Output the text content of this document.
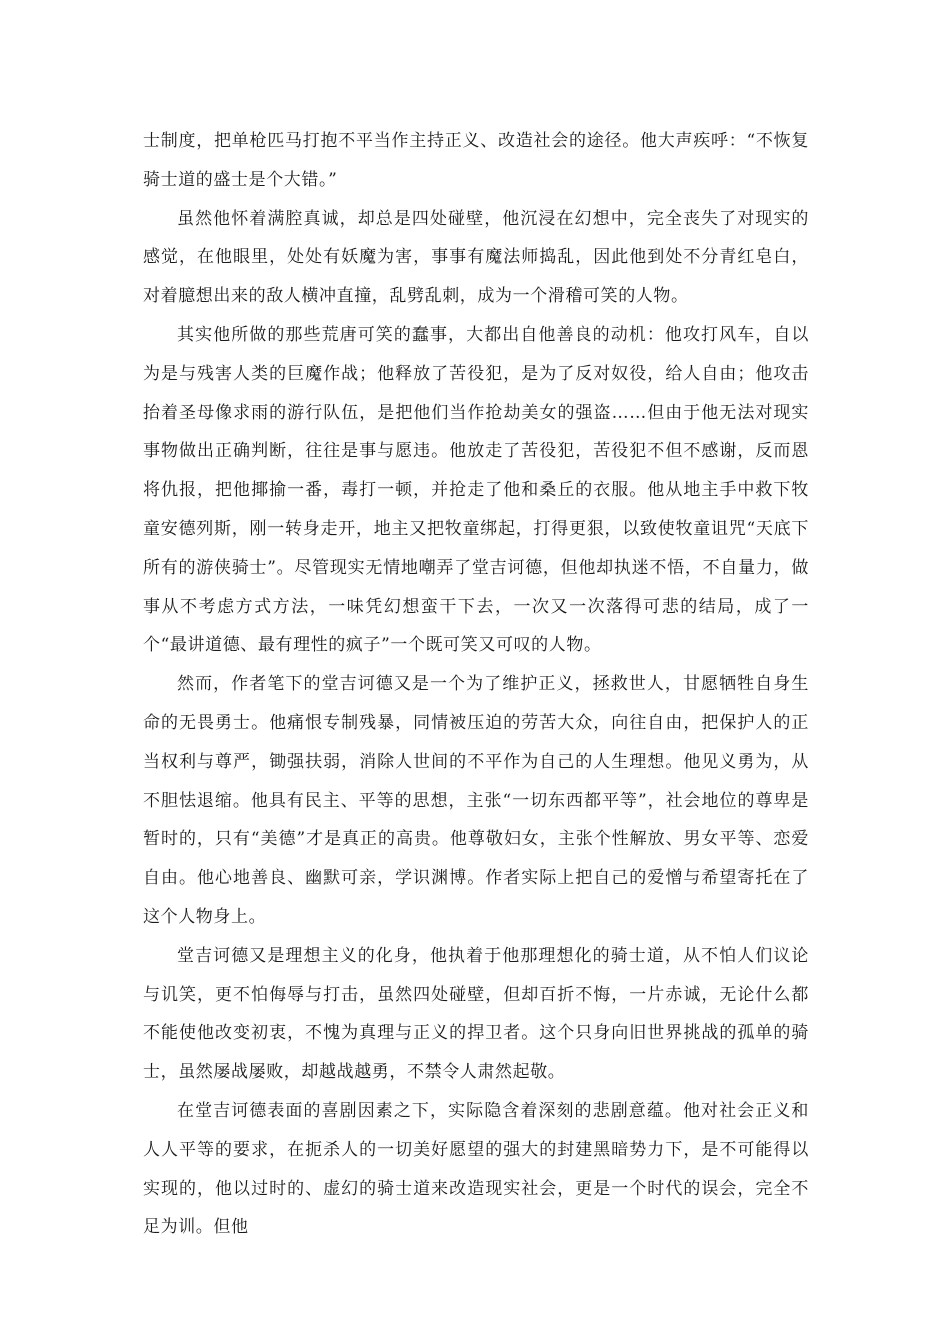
士制度，把单枪匹马打抱不平当作主持正义、改造社会的途径。他大声疾呼：“不恢复骑士道的盛士是个大错。”

虽然他怀着满腔真诚，却总是四处碰壁，他沉浸在幻想中，完全丧失了对现实的感觉，在他眼里，处处有妖魔为害，事事有魔法师捣乱，因此他到处不分青红皂白，对着臆想出来的敌人横冲直撞，乱劈乱刺，成为一个滑稽可笑的人物。

其实他所做的那些荒唐可笑的蠢事，大都出自他善良的动机：他攻打风车，自以为是与残害人类的巨魔作战；他释放了苦役犯，是为了反对奴役，给人自由；他攻击抬着圣母像求雨的游行队伍，是把他们当作抢劫美女的强盗……但由于他无法对现实事物做出正确判断，往往是事与愿违。他放走了苦役犯，苦役犯不但不感谢，反而恩将仇报，把他揶揄一番，毒打一顿，并抢走了他和桑丘的衣服。他从地主手中救下牧童安德列斯，刚一转身走开，地主又把牧童绑起，打得更狠，以致使牧童诅咒“天底下所有的游侠骑士”。尽管现实无情地嘲弄了堂吉诃德，但他却执迷不悟，不自量力，做事从不考虑方式方法，一味凭幻想蛮干下去，一次又一次落得可悲的结局，成了一个“最讲道德、最有理性的疯子”一个既可笑又可叹的人物。

然而，作者笔下的堂吉诃德又是一个为了维护正义，拯救世人，甘愿牺牲自身生命的无畏勇士。他痛恨专制残暴，同情被压迫的劳苦大众，向往自由，把保护人的正当权利与尊严，锄强扶弱，消除人世间的不平作为自己的人生理想。他见义勇为，从不胆怯退缩。他具有民主、平等的思想，主张“一切东西都平等”，社会地位的尊卑是暂时的，只有“美德”才是真正的高贵。他尊敬妇女，主张个性解放、男女平等、恋爱自由。他心地善良、幽默可亲，学识渊博。作者实际上把自己的爱憎与希望寄托在了这个人物身上。

堂吉诃德又是理想主义的化身，他执着于他那理想化的骑士道，从不怕人们议论与讥笑，更不怕侮辱与打击，虽然四处碰壁，但却百折不悔，一片赤诚，无论什么都不能使他改变初衷，不愧为真理与正义的捍卫者。这个只身向旧世界挑战的孤单的骑士，虽然屡战屡败，却越战越勇，不禁令人肃然起敬。

在堂吉诃德表面的喜剧因素之下，实际隐含着深刻的悲剧意蕴。他对社会正义和人人平等的要求，在扼杀人的一切美好愿望的强大的封建黑暗势力下，是不可能得以实现的，他以过时的、虚幻的骑士道来改造现实社会，更是一个时代的误会，完全不足为训。但他
